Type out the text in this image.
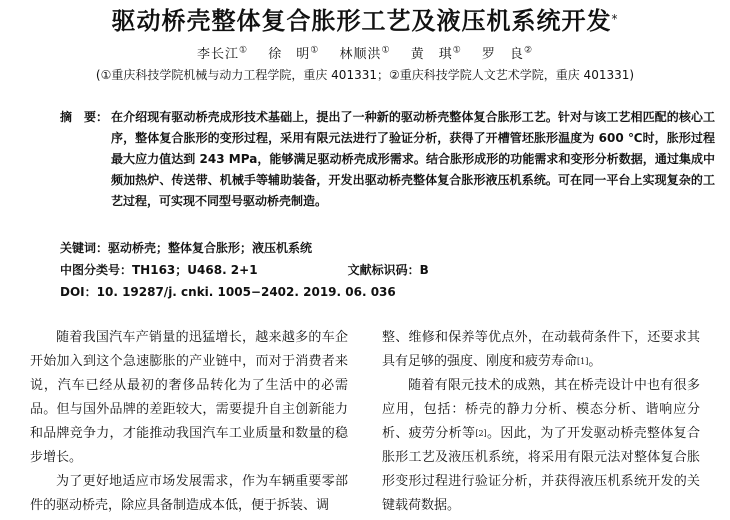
驱动桥壳整体复合胀形工艺及液压机系统开发*
李长江① 徐　明① 林顺洪① 黄　琪① 罗　良②
(①重庆科技学院机械与动力工程学院，重庆 401331；②重庆科技学院人文艺术学院，重庆 401331)
摘　要： 在介绍现有驱动桥壳成形技术基础上，提出了一种新的驱动桥壳整体复合胀形工艺。针对与该工艺相匹配的核心工序，整体复合胀形的变形过程，采用有限元法进行了验证分析，获得了开槽管坯胀形温度为 600 ℃时，胀形过程最大应力值达到 243 MPa，能够满足驱动桥壳成形需求。结合胀形成形的功能需求和变形分析数据，通过集成中频加热炉、传送带、机械手等辅助装备，开发出驱动桥壳整体复合胀形液压机系统。可在同一平台上实现复杂的工艺过程，可实现不同型号驱动桥壳制造。
关键词：驱动桥壳；整体复合胀形；液压机系统
中图分类号：TH163；U468. 2+1	文献标识码：B
DOI：10. 19287/j. cnki. 1005−2402. 2019. 06. 036

随着我国汽车产销量的迅猛增长，越来越多的车企开始加入到这个急速膨胀的产业链中，而对于消费者来说，汽车已经从最初的奢侈品转化为了生活中的必需品。但与国外品牌的差距较大，需要提升自主创新能力和品牌竞争力，才能推动我国汽车工业质量和数量的稳步增长。

为了更好地适应市场发展需求，作为车辆重要零部件的驱动桥壳，除应具备制造成本低，便于拆装、调

整、维修和保养等优点外，在动载荷条件下，还要求其具有足够的强度、刚度和疲劳寿命[1]。

随着有限元技术的成熟，其在桥壳设计中也有很多应用，包括：桥壳的静力分析、模态分析、谐响应分析、疲劳分析等[2]。因此，为了开发驱动桥壳整体复合胀形工艺及液压机系统，将采用有限元法对整体复合胀形变形过程进行验证分析，并获得液压机系统开发的关键载荷数据。
